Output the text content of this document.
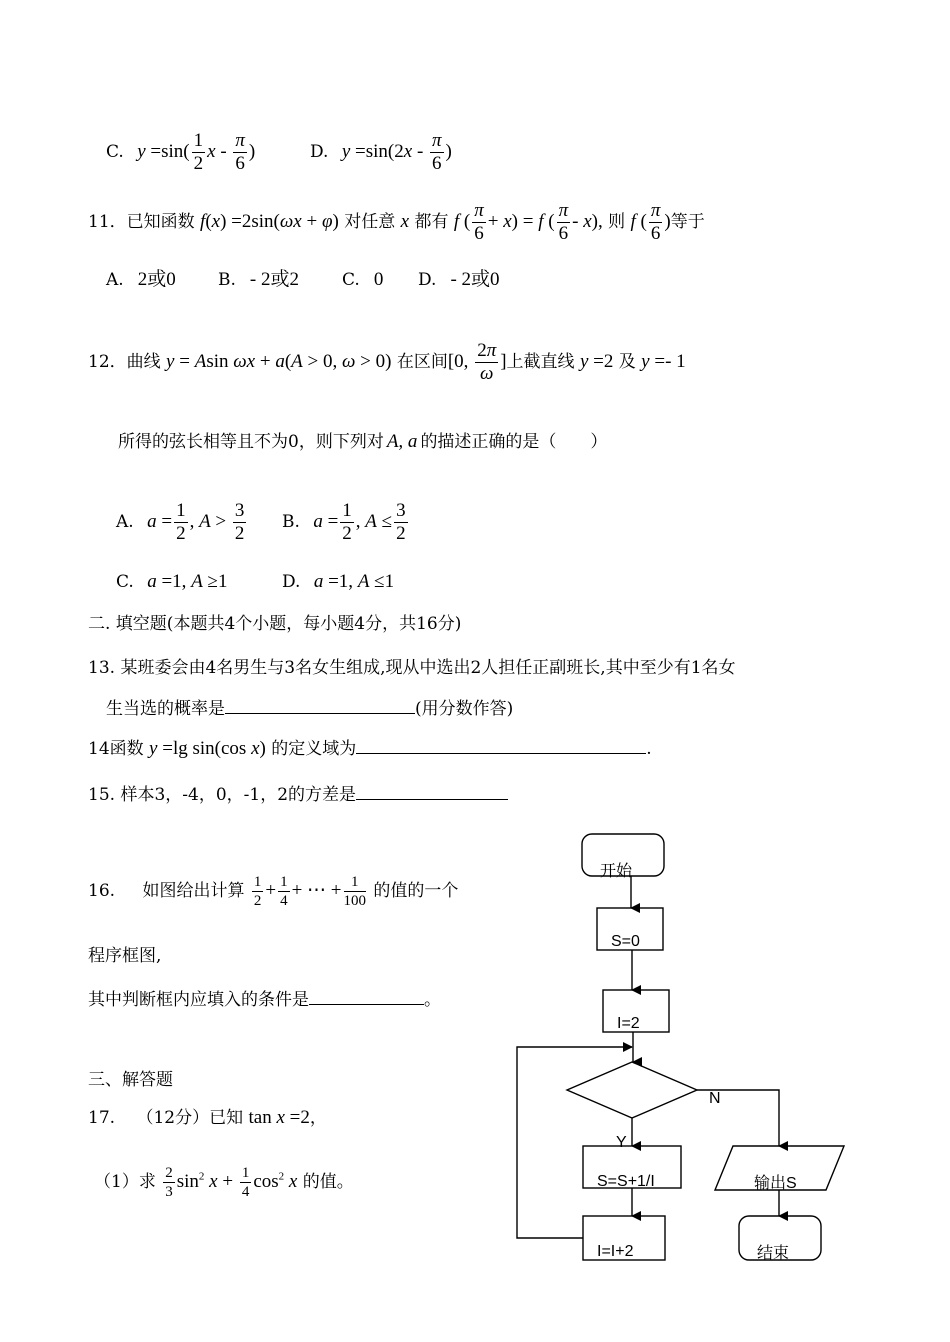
C. $y =\sin( \frac{1}{2}$ x - $\frac{\pi}{6}$ )	D. $y =\sin(2x - \frac{\pi}{6}$ )
11．已知函数 f(x) =2sin(ωx + φ) 对任意 x 都有 f ( $\frac{\pi}{6} + x) = f$ ( $\frac{\pi}{6} - x$), 则 f ( $\frac{\pi}{6}$ )等于
A. 2或0 B. - 2或2	C. 0 D. - 2或0
12．曲线 y = Asin ωx + a(A > 0, ω > 0) 在区间[0, $\frac{2\pi}{\omega}$ ]上截直线 y =2 及 y =- 1
所得的弦长相等且不为0，则下列对 A, a 的描述正确的是（　　）
A. $a = \frac{1}{2}$ , $A > \frac{3}{2} B$. $a = \frac{1}{2}$ , $A \le \frac{3}{2}$
C. a =1, A ≥1	D. a =1, A ≤1
二. 填空题(本题共4个小题，每小题4分，共16分)
13. 某班委会由4名男生与3名女生组成,现从中选出2人担任正副班长,其中至少有1名女
生当选的概率是	(用分数作答)
14函数 y =lg sin(cos x) 的定义域为	.
15. 样本3，-4，0，-1，2的方差是
16. 如图给出计算 $\frac{1}{2} + \frac{1}{4}$ + ⋯ + $\frac{1}{100}$ 的值的一个
程序框图,
其中判断框内应填入的条件是	。
三、解答题
17. （12分）已知 tan x =2，
（1）求 $\frac{2}{3} \sin^2 x + \frac{1}{4} \cos^2 x$ 的值。
开始
S=0
I=2
N
Y
S=S+1/I	输出S
I=I+2	结束
